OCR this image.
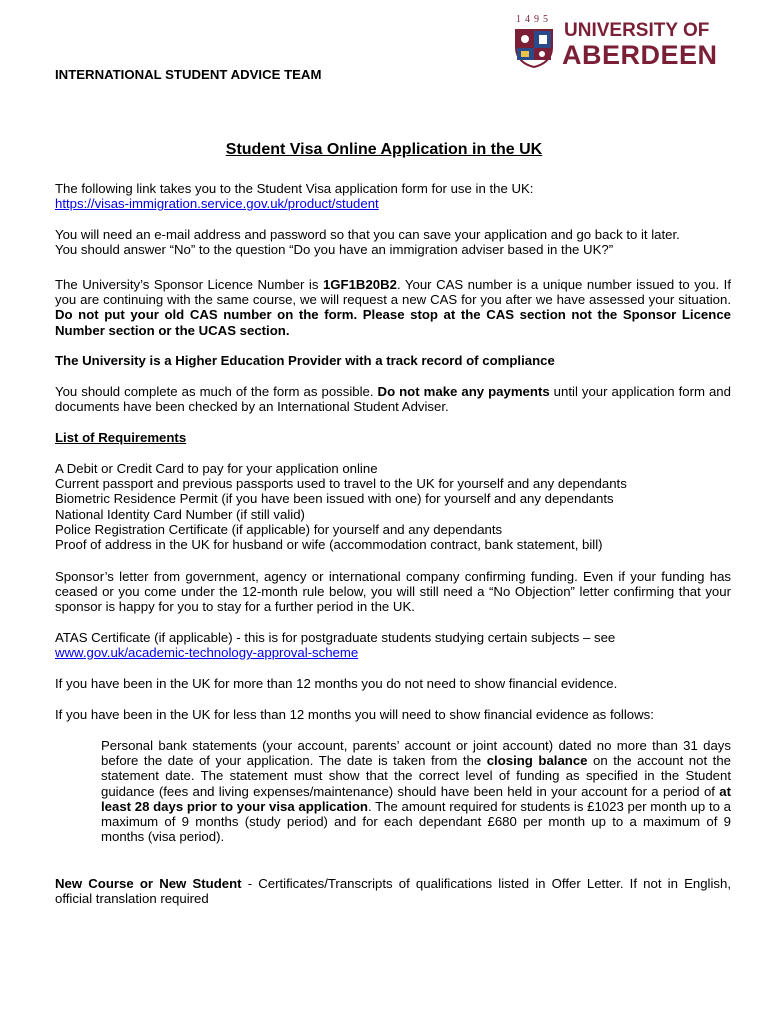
1495
UNIVERSITY OF
ABERDEEN

INTERNATIONAL STUDENT ADVICE TEAM

Student Visa Online Application in the UK

The following link takes you to the Student Visa application form for use in the UK:
https://visas-immigration.service.gov.uk/product/student

You will need an e-mail address and password so that you can save your application and go back to it later.
You should answer “No” to the question “Do you have an immigration adviser based in the UK?”

The University’s Sponsor Licence Number is 1GF1B20B2. Your CAS number is a unique number issued to you. If you are continuing with the same course, we will request a new CAS for you after we have assessed your situation. Do not put your old CAS number on the form. Please stop at the CAS section not the Sponsor Licence Number section or the UCAS section.

The University is a Higher Education Provider with a track record of compliance

You should complete as much of the form as possible. Do not make any payments until your application form and documents have been checked by an International Student Adviser.

List of Requirements

A Debit or Credit Card to pay for your application online
Current passport and previous passports used to travel to the UK for yourself and any dependants
Biometric Residence Permit (if you have been issued with one) for yourself and any dependants
National Identity Card Number (if still valid)
Police Registration Certificate (if applicable) for yourself and any dependants
Proof of address in the UK for husband or wife (accommodation contract, bank statement, bill)

Sponsor’s letter from government, agency or international company confirming funding. Even if your funding has ceased or you come under the 12-month rule below, you will still need a “No Objection” letter confirming that your sponsor is happy for you to stay for a further period in the UK.

ATAS Certificate (if applicable) - this is for postgraduate students studying certain subjects – see
www.gov.uk/academic-technology-approval-scheme

If you have been in the UK for more than 12 months you do not need to show financial evidence.

If you have been in the UK for less than 12 months you will need to show financial evidence as follows:

Personal bank statements (your account, parents’ account or joint account) dated no more than 31 days before the date of your application. The date is taken from the closing balance on the account not the statement date. The statement must show that the correct level of funding as specified in the Student guidance (fees and living expenses/maintenance) should have been held in your account for a period of at least 28 days prior to your visa application. The amount required for students is £1023 per month up to a maximum of 9 months (study period) and for each dependant £680 per month up to a maximum of 9 months (visa period).

New Course or New Student - Certificates/Transcripts of qualifications listed in Offer Letter. If not in English, official translation required
